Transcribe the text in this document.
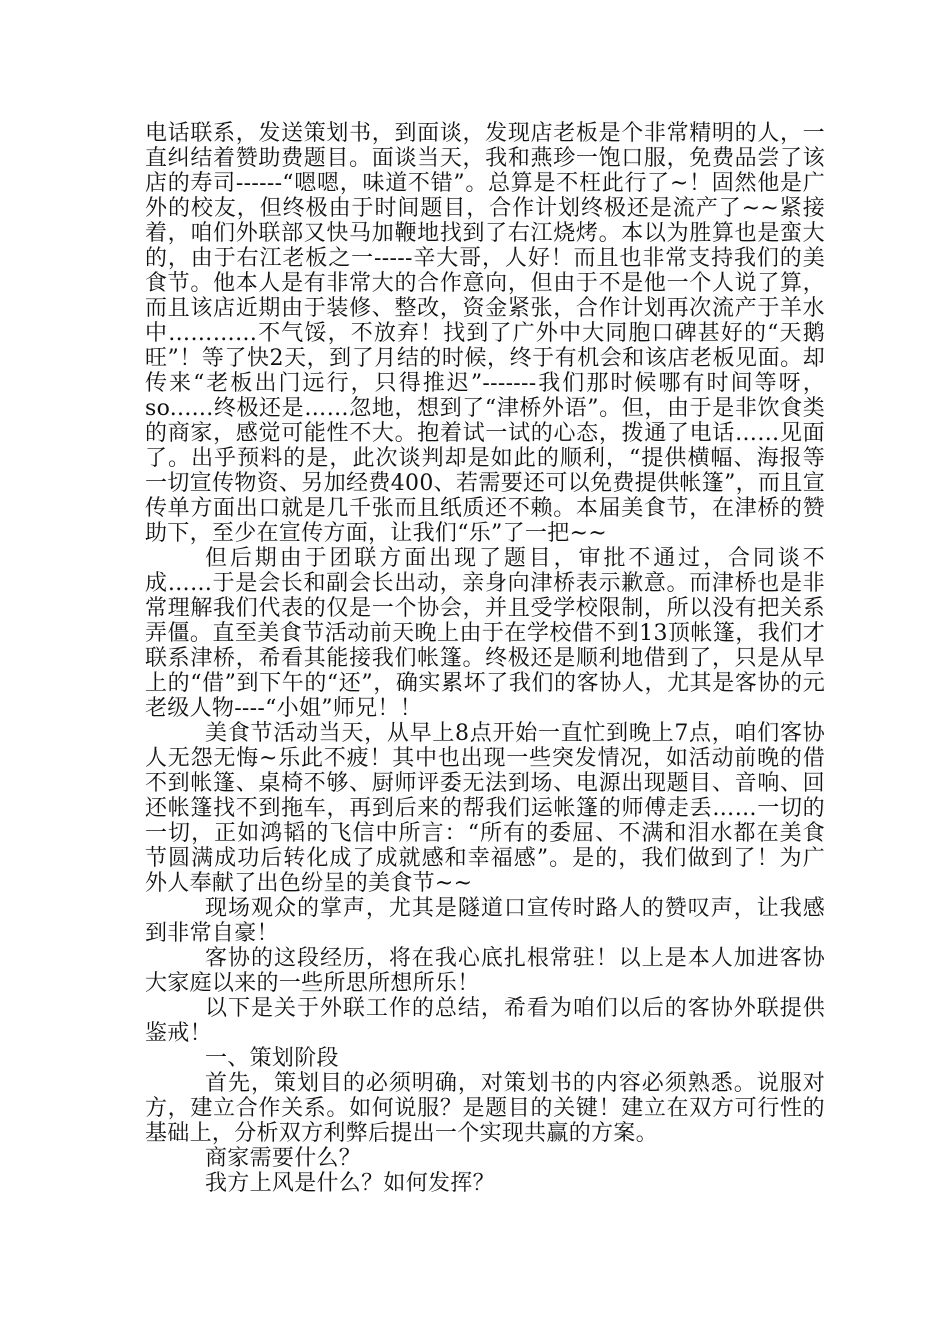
电话联系，发送策划书，到面谈，发现店老板是个非常精明的人，一直纠结着赞助费题目。面谈当天，我和燕珍一饱口服，免费品尝了该店的寿司------“嗯嗯，味道不错”。总算是不枉此行了~！固然他是广外的校友，但终极由于时间题目，合作计划终极还是流产了~~紧接着，咱们外联部又快马加鞭地找到了右江烧烤。本以为胜算也是蛮大的，由于右江老板之一-----辛大哥，人好！而且也非常支持我们的美食节。他本人是有非常大的合作意向，但由于不是他一个人说了算，而且该店近期由于装修、整改，资金紧张，合作计划再次流产于羊水中…………不气馁，不放弃！找到了广外中大同胞口碑甚好的“天鹅旺”！等了快2天，到了月结的时候，终于有机会和该店老板见面。却传来“老板出门远行，只得推迟”-------我们那时候哪有时间等呀，so......终极还是……忽地，想到了“津桥外语”。但，由于是非饮食类的商家，感觉可能性不大。抱着试一试的心态，拨通了电话……见面了。出乎预料的是，此次谈判却是如此的顺利，“提供横幅、海报等一切宣传物资、另加经费400、若需要还可以免费提供帐篷”，而且宣传单方面出口就是几千张而且纸质还不赖。本届美食节，在津桥的赞助下，至少在宣传方面，让我们“乐”了一把~~

但后期由于团联方面出现了题目，审批不通过，合同谈不成……于是会长和副会长出动，亲身向津桥表示歉意。而津桥也是非常理解我们代表的仅是一个协会，并且受学校限制，所以没有把关系弄僵。直至美食节活动前天晚上由于在学校借不到13顶帐篷，我们才联系津桥，希看其能接我们帐篷。终极还是顺利地借到了，只是从早上的“借”到下午的“还”，确实累坏了我们的客协人，尤其是客协的元老级人物----“小姐”师兄！！

美食节活动当天，从早上8点开始一直忙到晚上7点，咱们客协人无怨无悔~乐此不疲！其中也出现一些突发情况，如活动前晚的借不到帐篷、桌椅不够、厨师评委无法到场、电源出现题目、音响、回还帐篷找不到拖车，再到后来的帮我们运帐篷的师傅走丢……一切的一切，正如鸿韬的飞信中所言：“所有的委屈、不满和泪水都在美食节圆满成功后转化成了成就感和幸福感”。是的，我们做到了！为广外人奉献了出色纷呈的美食节~~

现场观众的掌声，尤其是隧道口宣传时路人的赞叹声，让我感到非常自豪！

客协的这段经历，将在我心底扎根常驻！以上是本人加进客协大家庭以来的一些所思所想所乐！

以下是关于外联工作的总结，希看为咱们以后的客协外联提供鉴戒！

一、策划阶段

首先，策划目的必须明确，对策划书的内容必须熟悉。说服对方，建立合作关系。如何说服？是题目的关键！建立在双方可行性的基础上，分析双方利弊后提出一个实现共赢的方案。

商家需要什么？

我方上风是什么？如何发挥？
